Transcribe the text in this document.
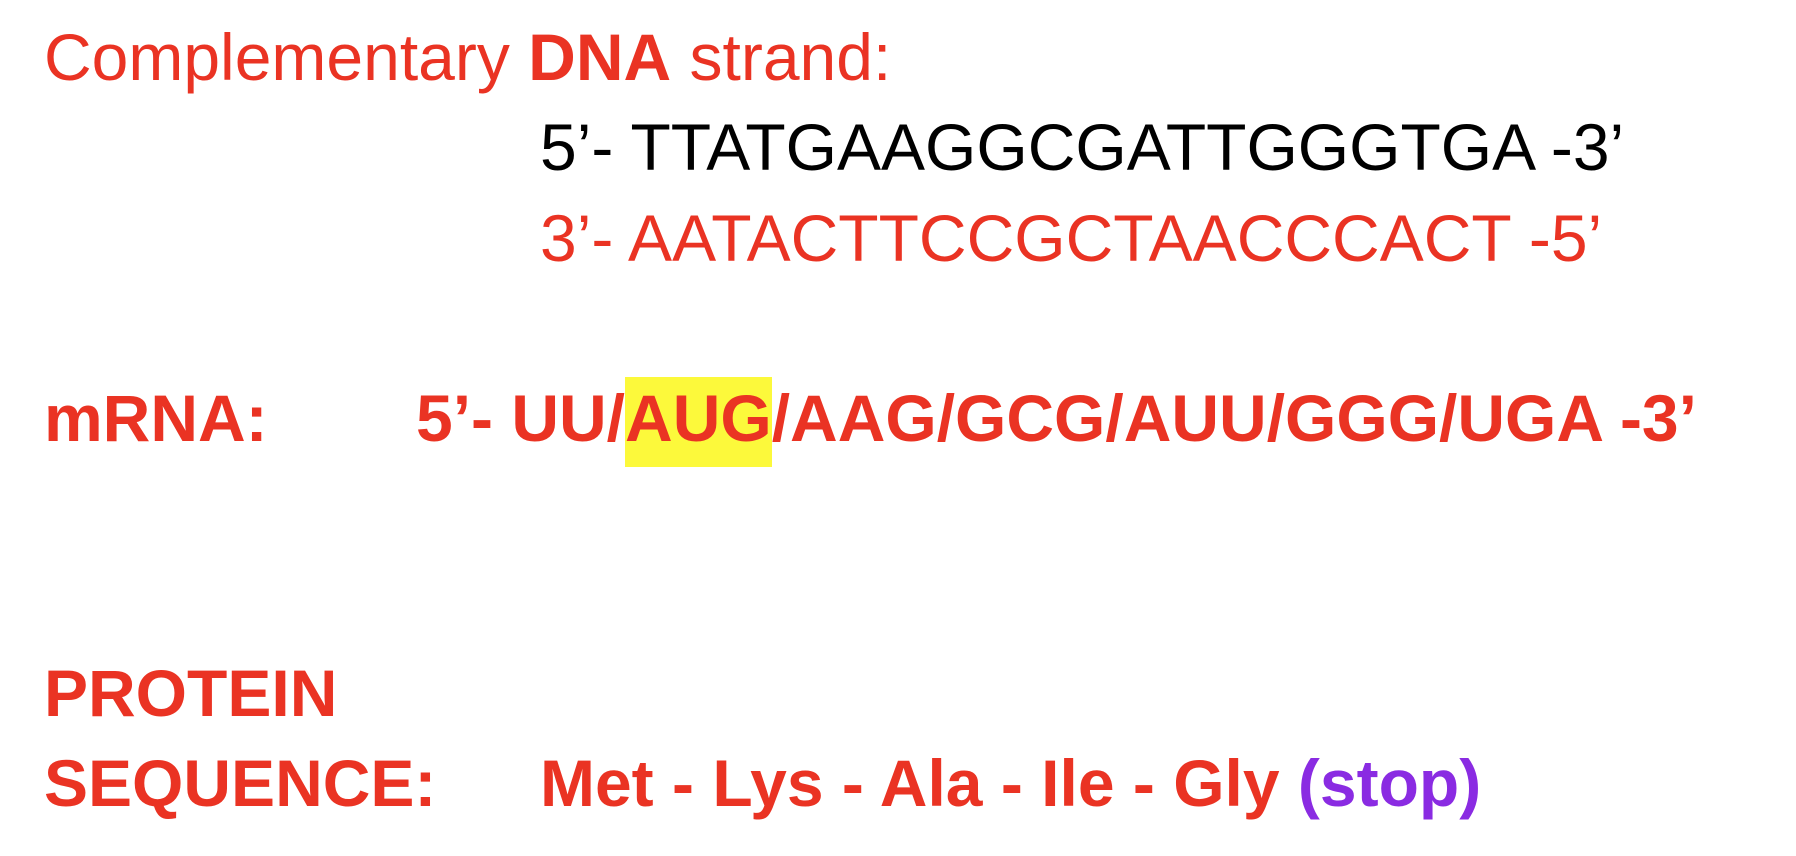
Complementary DNA strand:
5’- TTATGAAGGCGATTGGGTGA -3’
3’- AATACTTCCGCTAACCCACT -5’
mRNA: 5’- UU/AUG/AAG/GCG/AUU/GGG/UGA -3’
PROTEIN
SEQUENCE: Met - Lys - Ala - Ile - Gly (stop)
